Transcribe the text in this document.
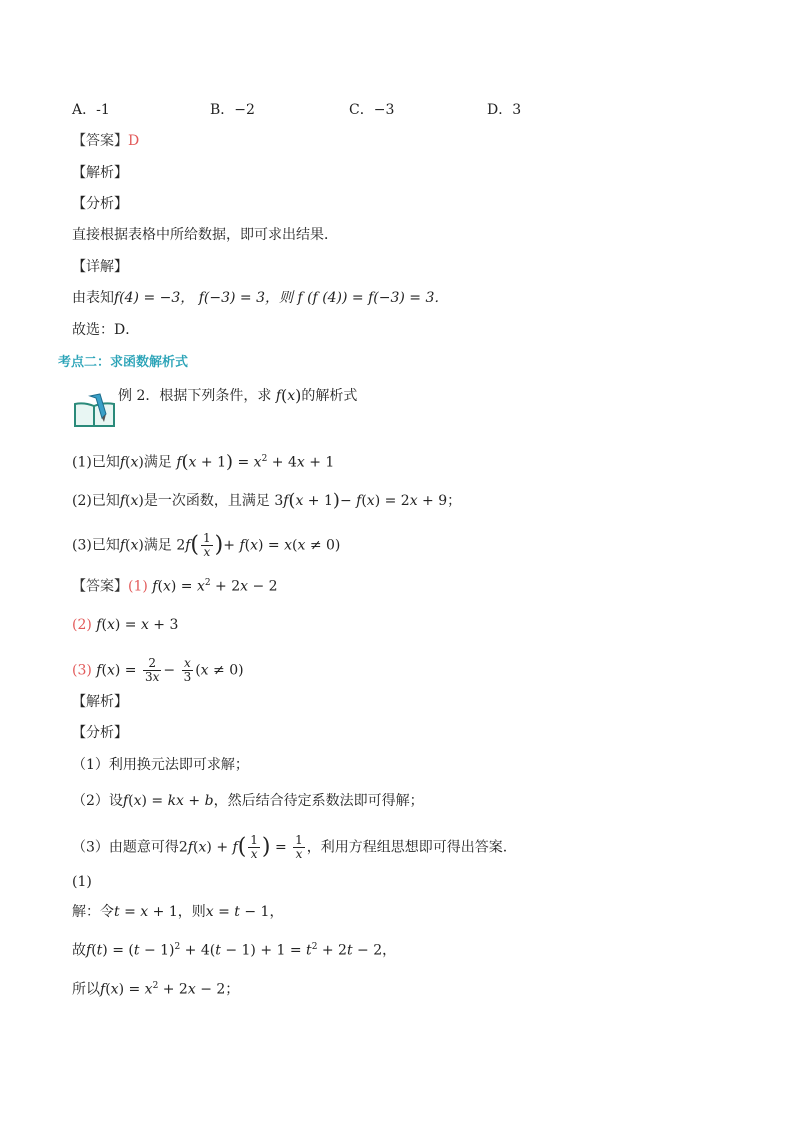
A．-1	B．−2	C．−3	D．3
【答案】D
【解析】
【分析】
直接根据表格中所给数据，即可求出结果．
【详解】
由表知f(4) = −3， f(−3) = 3，则 f (f (4)) = f(−3) = 3．
故选：D．
考点二：求函数解析式
例 2．根据下列条件，求 f(x)的解析式
(1)已知f(x)满足 $f(x + 1) = x^2 + 4x + 1$
(2)已知f(x)是一次函数，且满足 3f(x + 1)− f(x) = 2x + 9；
(3)已知f(x)满足 $2f( \frac{1}{x}$ )+ f(x) = x(x ≠ 0)
【答案】(1) $f(x) = x^2 + 2x - 2$
(2) f(x) = x + 3
(3) $f(x) = \frac{2}{3x} - \frac{x}{3} (x \ne 0)$
【解析】
【分析】
（1）利用换元法即可求解；
（2）设f(x) = kx + b，然后结合待定系数法即可得解；
（3）由题意可得$2f(x) + f( \frac{1}{x}$ ) = $\frac{1}{x}$ ，利用方程组思想即可得出答案.
(1)
解：令t = x + 1，则x = t − 1，
故$f(t) = (t - 1)^2 + 4(t - 1) + 1 = t^2 + 2t - 2$，
所以$f(x) = x^2 + 2x - 2$；
